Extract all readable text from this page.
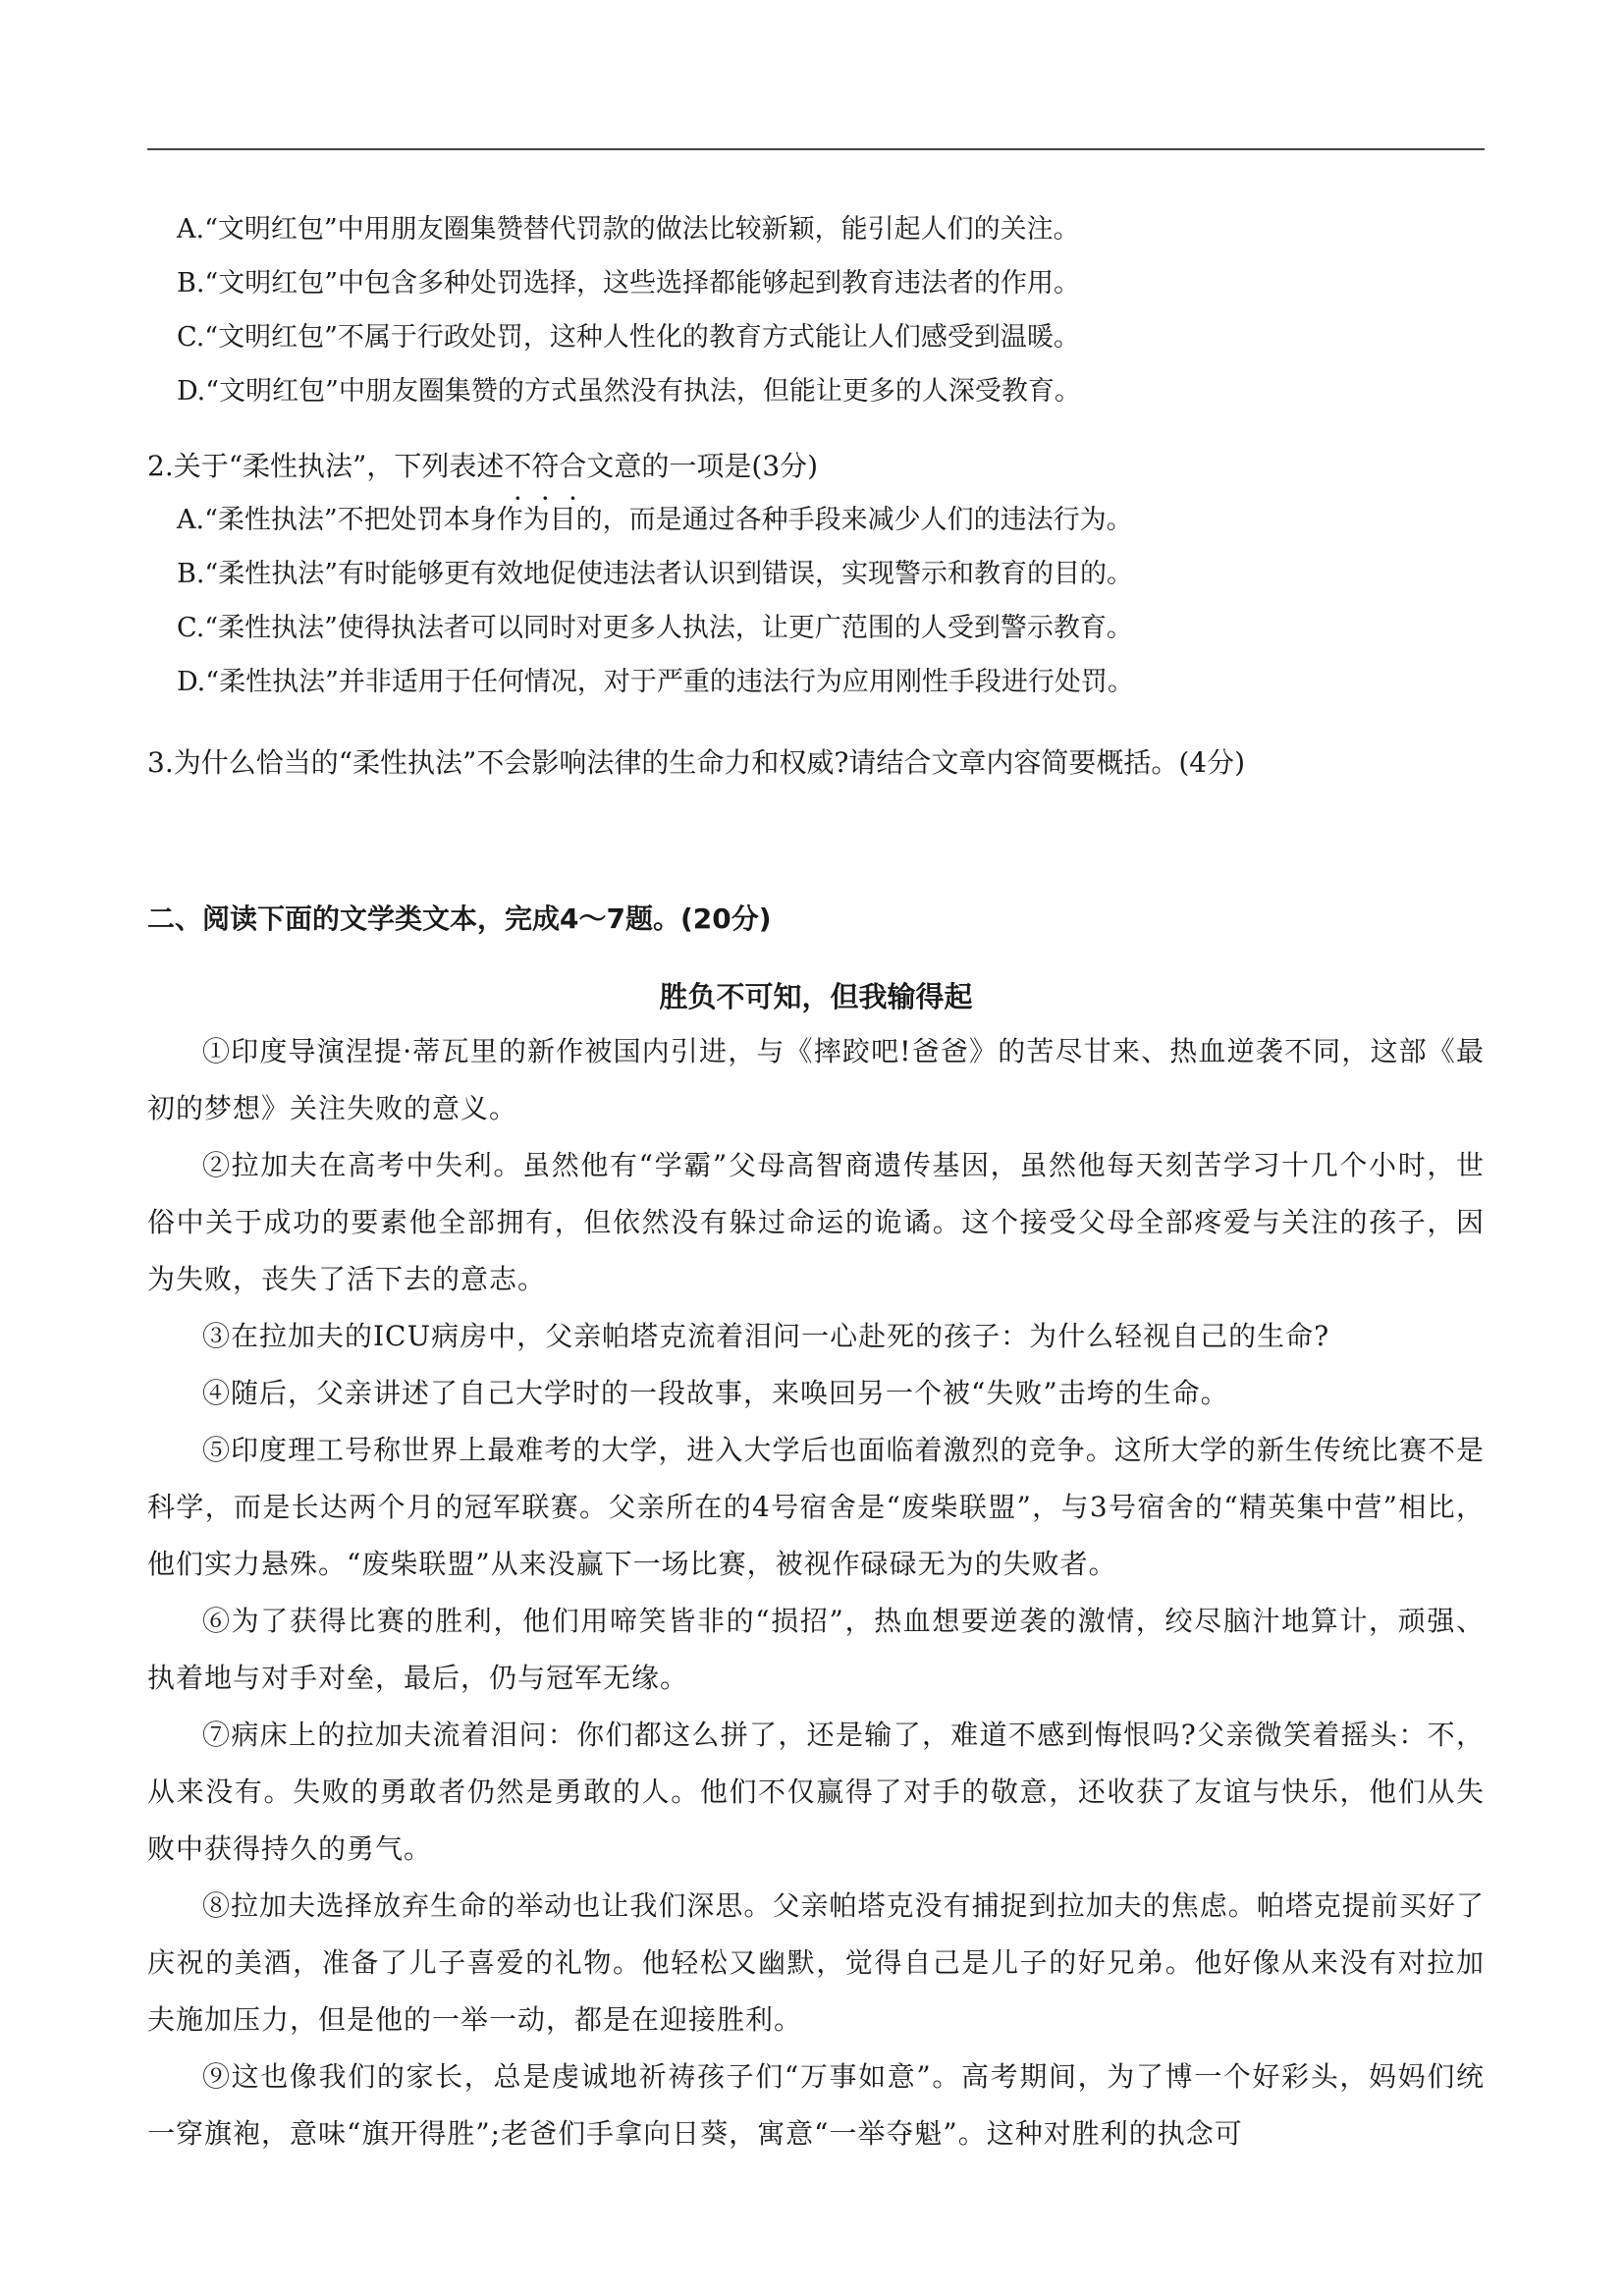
A.“文明红包”中用朋友圈集赞替代罚款的做法比较新颖，能引起人们的关注。
B.“文明红包”中包含多种处罚选择，这些选择都能够起到教育违法者的作用。
C.“文明红包”不属于行政处罚，这种人性化的教育方式能让人们感受到温暖。
D.“文明红包”中朋友圈集赞的方式虽然没有执法，但能让更多的人深受教育。
2.关于“柔性执法”，下列表述不符合文意的一项是(3分)
A.“柔性执法”不把处罚本身作为目的，而是通过各种手段来减少人们的违法行为。
B.“柔性执法”有时能够更有效地促使违法者认识到错误，实现警示和教育的目的。
C.“柔性执法”使得执法者可以同时对更多人执法，让更广范围的人受到警示教育。
D.“柔性执法”并非适用于任何情况，对于严重的违法行为应用刚性手段进行处罚。
3.为什么恰当的“柔性执法”不会影响法律的生命力和权威?请结合文章内容简要概括。(4分)
二、阅读下面的文学类文本，完成4～7题。(20分)
胜负不可知，但我输得起

①印度导演涅提·蒂瓦里的新作被国内引进，与《摔跤吧!爸爸》的苦尽甘来、热血逆袭不同，这部《最初的梦想》关注失败的意义。

②拉加夫在高考中失利。虽然他有“学霸”父母高智商遗传基因，虽然他每天刻苦学习十几个小时，世俗中关于成功的要素他全部拥有，但依然没有躲过命运的诡谲。这个接受父母全部疼爱与关注的孩子，因为失败，丧失了活下去的意志。

③在拉加夫的ICU病房中，父亲帕塔克流着泪问一心赴死的孩子：为什么轻视自己的生命?

④随后，父亲讲述了自己大学时的一段故事，来唤回另一个被“失败”击垮的生命。

⑤印度理工号称世界上最难考的大学，进入大学后也面临着激烈的竞争。这所大学的新生传统比赛不是科学，而是长达两个月的冠军联赛。父亲所在的4号宿舍是“废柴联盟”，与3号宿舍的“精英集中营”相比，他们实力悬殊。“废柴联盟”从来没赢下一场比赛，被视作碌碌无为的失败者。

⑥为了获得比赛的胜利，他们用啼笑皆非的“损招”，热血想要逆袭的激情，绞尽脑汁地算计，顽强、执着地与对手对垒，最后，仍与冠军无缘。

⑦病床上的拉加夫流着泪问：你们都这么拼了，还是输了，难道不感到悔恨吗?父亲微笑着摇头：不，从来没有。失败的勇敢者仍然是勇敢的人。他们不仅赢得了对手的敬意，还收获了友谊与快乐，他们从失败中获得持久的勇气。

⑧拉加夫选择放弃生命的举动也让我们深思。父亲帕塔克没有捕捉到拉加夫的焦虑。帕塔克提前买好了庆祝的美酒，准备了儿子喜爱的礼物。他轻松又幽默，觉得自己是儿子的好兄弟。他好像从来没有对拉加夫施加压力，但是他的一举一动，都是在迎接胜利。

⑨这也像我们的家长，总是虔诚地祈祷孩子们“万事如意”。高考期间，为了博一个好彩头，妈妈们统一穿旗袍，意味“旗开得胜”;老爸们手拿向日葵，寓意“一举夺魁”。这种对胜利的执念可
